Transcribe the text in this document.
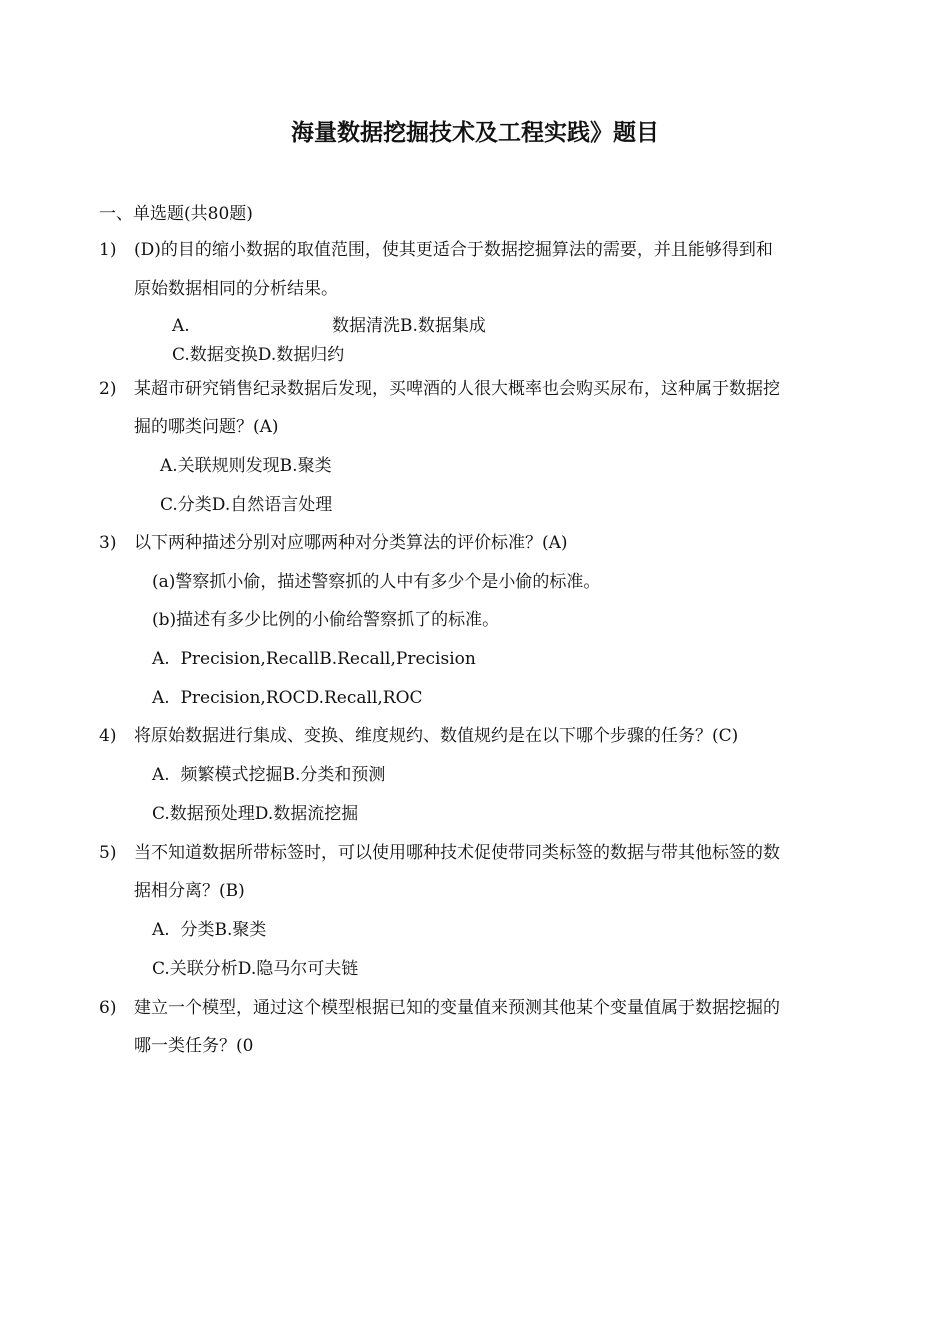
海量数据挖掘技术及工程实践》题目
一、单选题(共80题)
1) (D)的目的缩小数据的取值范围，使其更适合于数据挖掘算法的需要，并且能够得到和
原始数据相同的分析结果。
A.	数据清洗B.数据集成
C.数据变换D.数据归约
2) 某超市研究销售纪录数据后发现，买啤酒的人很大概率也会购买尿布，这种属于数据挖
掘的哪类问题？(A)
A.关联规则发现B.聚类
C.分类D.自然语言处理
3) 以下两种描述分别对应哪两种对分类算法的评价标准？(A)
(a)警察抓小偷，描述警察抓的人中有多少个是小偷的标准。
(b)描述有多少比例的小偷给警察抓了的标准。
A.  Precision,RecallB.Recall,Precision
A.  Precision,ROCD.Recall,ROC
4) 将原始数据进行集成、变换、维度规约、数值规约是在以下哪个步骤的任务？(C)
A.  频繁模式挖掘B.分类和预测
C.数据预处理D.数据流挖掘
5) 当不知道数据所带标签时，可以使用哪种技术促使带同类标签的数据与带其他标签的数
据相分离？(B)
A.  分类B.聚类
C.关联分析D.隐马尔可夫链
6) 建立一个模型，通过这个模型根据已知的变量值来预测其他某个变量值属于数据挖掘的
哪一类任务？(0
